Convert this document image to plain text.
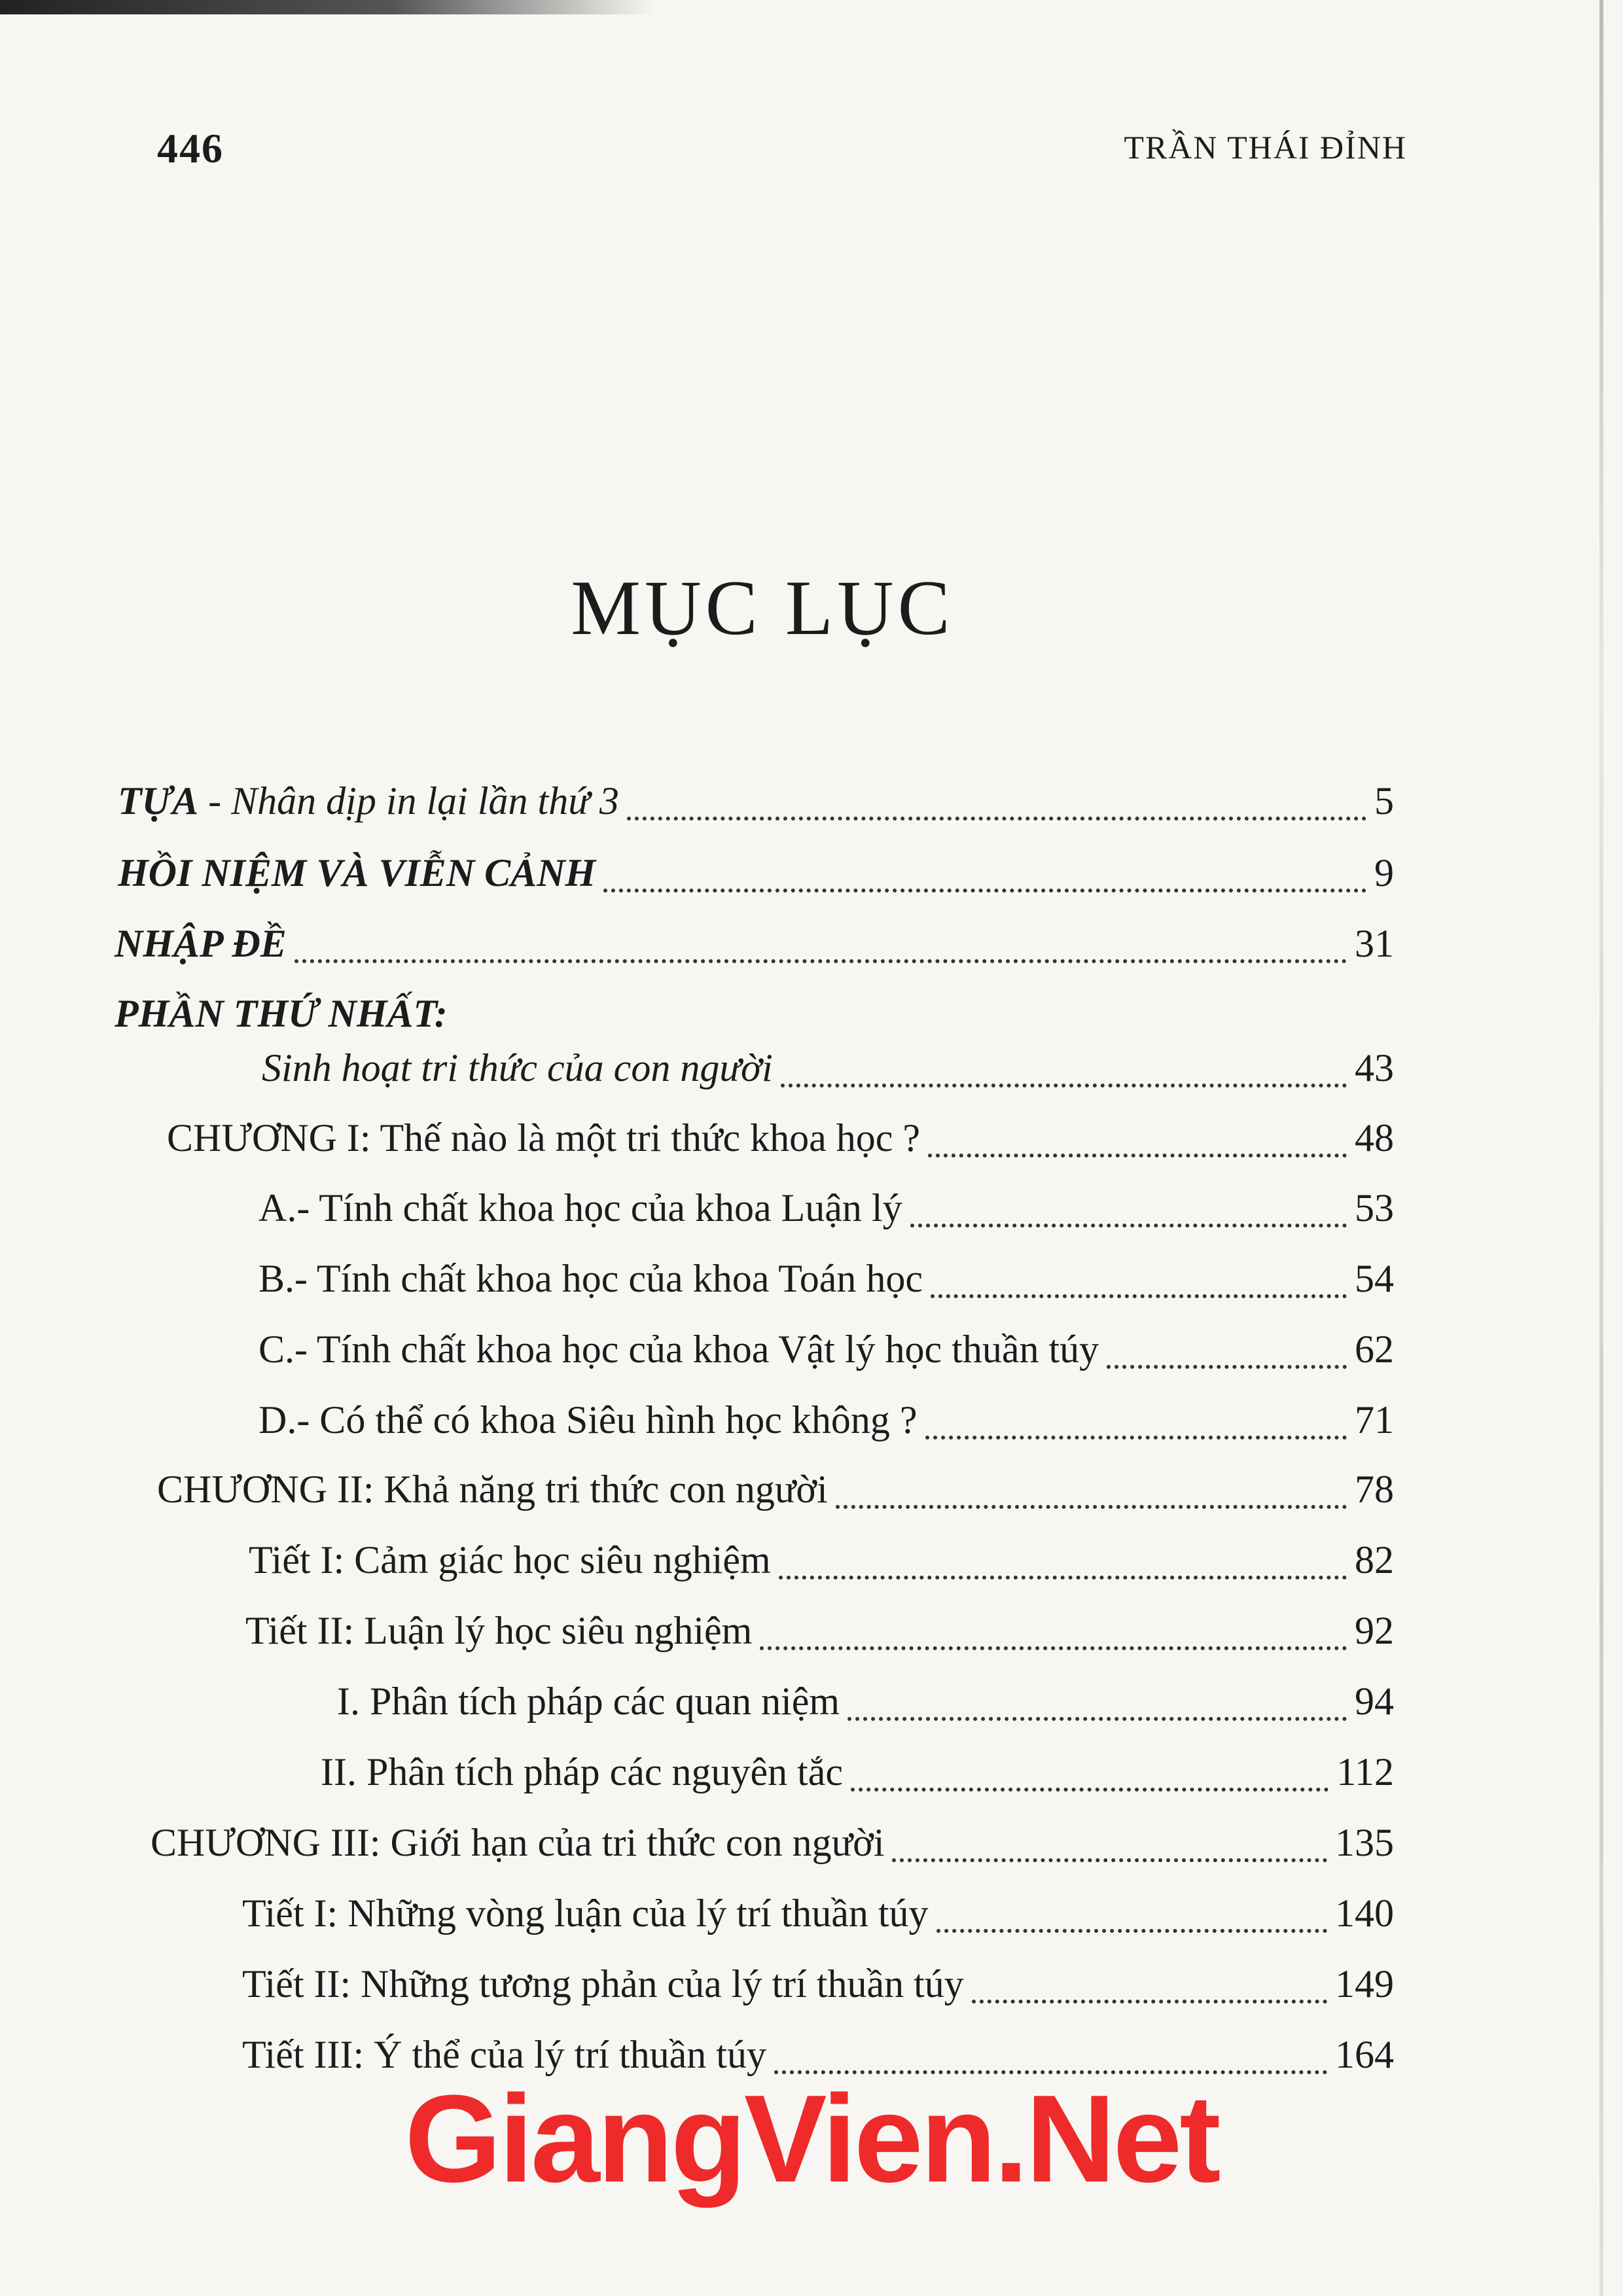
446	TRẦN THÁI ĐỈNH
MỤC LỤC
TỰA - Nhân dịp in lại lần thứ 3	5
HỒI NIỆM VÀ VIỄN CẢNH	9
NHẬP ĐỀ	31
PHẦN THỨ NHẤT:
Sinh hoạt tri thức của con người	43
CHƯƠNG I: Thế nào là một tri thức khoa học ?	48
A.- Tính chất khoa học của khoa Luận lý	53
B.- Tính chất khoa học của khoa Toán học	54
C.- Tính chất khoa học của khoa Vật lý học thuần túy	62
D.- Có thể có khoa Siêu hình học không ?	71
CHƯƠNG II: Khả năng tri thức con người	78
Tiết I: Cảm giác học siêu nghiệm	82
Tiết II: Luận lý học siêu nghiệm	92
I. Phân tích pháp các quan niệm	94
II. Phân tích pháp các nguyên tắc	112
CHƯƠNG III: Giới hạn của tri thức con người	135
Tiết I: Những vòng luận của lý trí thuần túy	140
Tiết II: Những tương phản của lý trí thuần túy	149
Tiết III: Ý thể của lý trí thuần túy	164
GiangVien.Net
